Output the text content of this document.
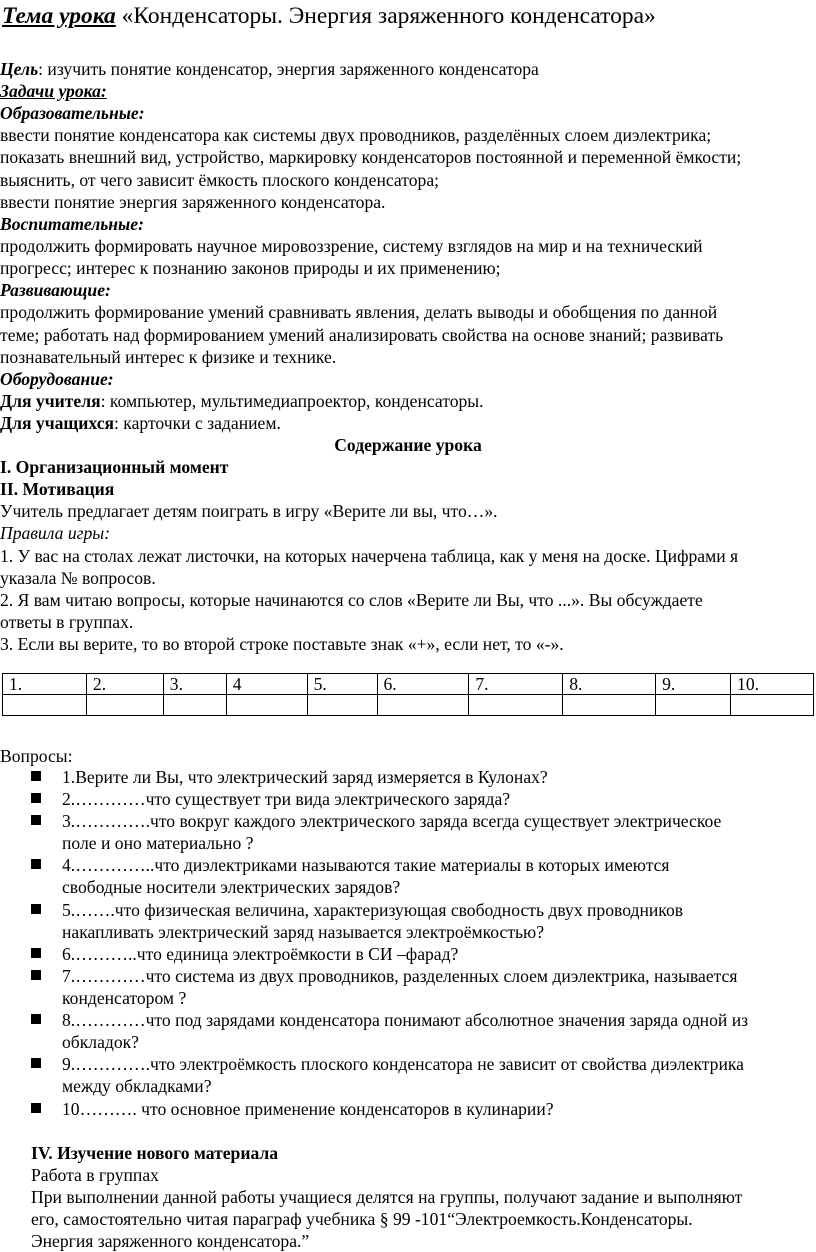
Тема урока «Конденсаторы. Энергия заряженного конденсатора»
Цель: изучить понятие конденсатор, энергия заряженного конденсатора
Задачи урока:
Образовательные:
ввести понятие конденсатора как системы двух проводников, разделённых слоем диэлектрика;
показать внешний вид, устройство, маркировку конденсаторов постоянной и переменной ёмкости;
выяснить, от чего зависит ёмкость плоского конденсатора;
ввести понятие энергия заряженного конденсатора.
Воспитательные:
продолжить формировать научное мировоззрение, систему взглядов на мир и на технический
прогресс; интерес к познанию законов природы и их применению;
Развивающие:
продолжить формирование умений сравнивать явления, делать выводы и обобщения по данной
теме; работать над формированием умений анализировать свойства на основе знаний; развивать
познавательный интерес к физике и технике.
Оборудование:
Для учителя: компьютер, мультимедиапроектор, конденсаторы.
Для учащихся: карточки с заданием.
Содержание урока
I. Организационный момент
II. Мотивация
Учитель предлагает детям поиграть в игру «Верите ли вы, что…».
Правила игры:
1. У вас на столах лежат листочки, на которых начерчена таблица, как у меня на доске. Цифрами я
указала № вопросов.
2. Я вам читаю вопросы, которые начинаются со слов «Верите ли Вы, что ...». Вы обсуждаете
ответы в группах.
3. Если вы верите, то во второй строке поставьте знак «+», если нет, то «-».
1.	2.	3.	4	5.	6.	7.	8.	9.	10.

Вопросы:
1.Верите ли Вы, что электрический заряд измеряется в Кулонах?
2.…………что существует три вида электрического заряда?
3.………….что вокруг каждого электрического заряда всегда существует электрическое
поле и оно материально ?
4.…………..что диэлектриками называются такие материалы в которых имеются
свободные носители электрических зарядов?
5.…….что физическая величина, характеризующая свободность двух проводников
накапливать электрический заряд называется электроёмкостью?
6.………..что единица электроёмкости в СИ –фарад?
7.…………что система из двух проводников, разделенных слоем диэлектрика, называется
конденсатором ?
8.…………что под зарядами конденсатора понимают абсолютное значения заряда одной из
обкладок?
9.………….что электроёмкость плоского конденсатора не зависит от свойства диэлектрика
между обкладками?
10………. что основное применение конденсаторов в кулинарии?
IV. Изучение нового материала
Работа в группах
При выполнении данной работы учащиеся делятся на группы, получают задание и выполняют
его, самостоятельно читая параграф учебника § 99 -101“Электроемкость.Конденсаторы.
Энергия заряженного конденсатора.”
